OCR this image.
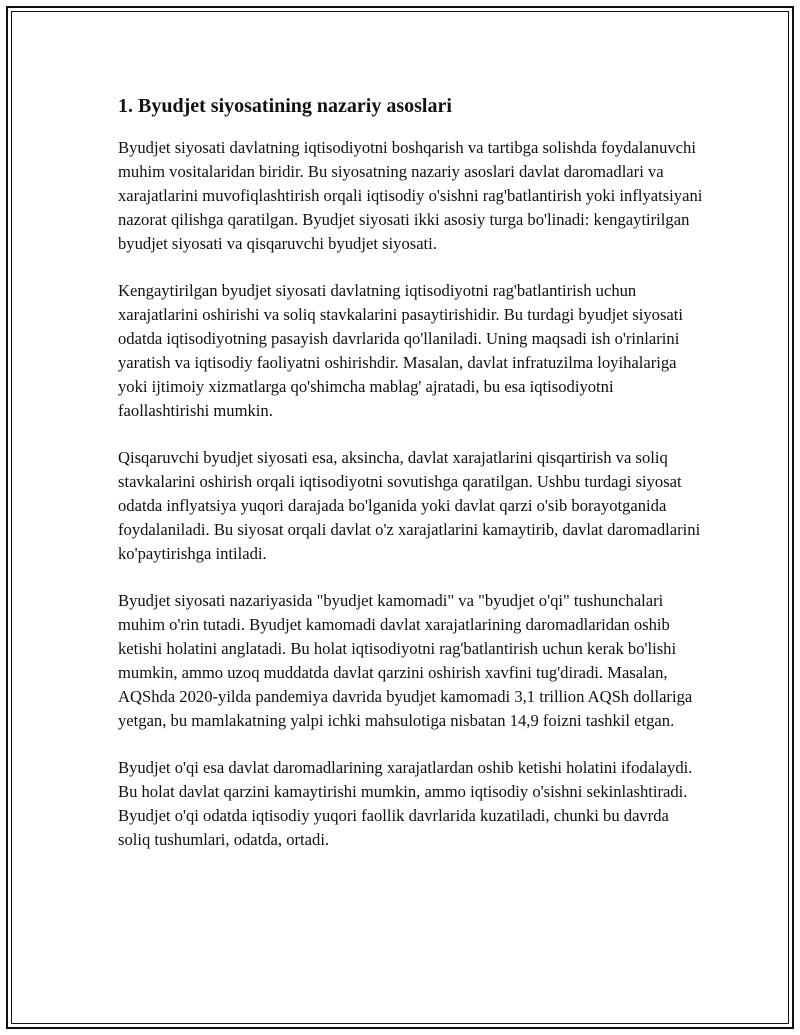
1. Byudjet siyosatining nazariy asoslari

Byudjet siyosati davlatning iqtisodiyotni boshqarish va tartibga solishda foydalanuvchi muhim vositalaridan biridir. Bu siyosatning nazariy asoslari davlat daromadlari va xarajatlarini muvofiqlashtirish orqali iqtisodiy o'sishni rag'batlantirish yoki inflyatsiyani nazorat qilishga qaratilgan. Byudjet siyosati ikki asosiy turga bo'linadi: kengaytirilgan byudjet siyosati va qisqaruvchi byudjet siyosati.

Kengaytirilgan byudjet siyosati davlatning iqtisodiyotni rag'batlantirish uchun xarajatlarini oshirishi va soliq stavkalarini pasaytirishidir. Bu turdagi byudjet siyosati odatda iqtisodiyotning pasayish davrlarida qo'llaniladi. Uning maqsadi ish o'rinlarini yaratish va iqtisodiy faoliyatni oshirishdir. Masalan, davlat infratuzilma loyihalariga yoki ijtimoiy xizmatlarga qo'shimcha mablag' ajratadi, bu esa iqtisodiyotni faollashtirishi mumkin.

Qisqaruvchi byudjet siyosati esa, aksincha, davlat xarajatlarini qisqartirish va soliq stavkalarini oshirish orqali iqtisodiyotni sovutishga qaratilgan. Ushbu turdagi siyosat odatda inflyatsiya yuqori darajada bo'lganida yoki davlat qarzi o'sib borayotganida foydalaniladi. Bu siyosat orqali davlat o'z xarajatlarini kamaytirib, davlat daromadlarini ko'paytirishga intiladi.

Byudjet siyosati nazariyasida "byudjet kamomadi" va "byudjet o'qi" tushunchalari muhim o'rin tutadi. Byudjet kamomadi davlat xarajatlarining daromadlaridan oshib ketishi holatini anglatadi. Bu holat iqtisodiyotni rag'batlantirish uchun kerak bo'lishi mumkin, ammo uzoq muddatda davlat qarzini oshirish xavfini tug'diradi. Masalan, AQShda 2020-yilda pandemiya davrida byudjet kamomadi 3,1 trillion AQSh dollariga yetgan, bu mamlakatning yalpi ichki mahsulotiga nisbatan 14,9 foizni tashkil etgan.

Byudjet o'qi esa davlat daromadlarining xarajatlardan oshib ketishi holatini ifodalaydi. Bu holat davlat qarzini kamaytirishi mumkin, ammo iqtisodiy o'sishni sekinlashtiradi. Byudjet o'qi odatda iqtisodiy yuqori faollik davrlarida kuzatiladi, chunki bu davrda soliq tushumlari, odatda, ortadi.
